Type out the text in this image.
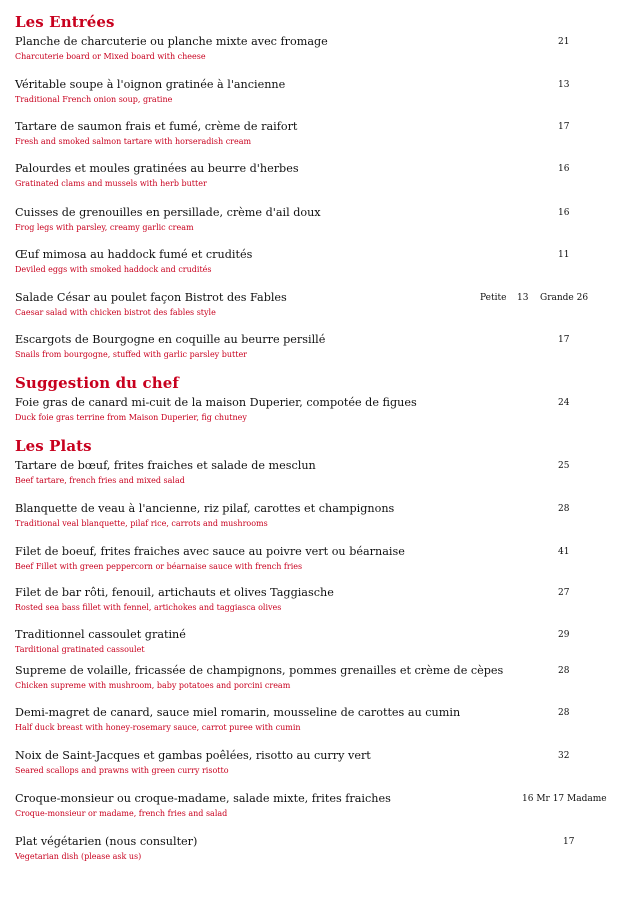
Les Entrées
Planche de charcuterie ou planche mixte avec fromage
Charcuterie board or Mixed board with cheese
21
Véritable soupe à l'oignon gratinée à l'ancienne
Traditional French onion soup, gratine
13
Tartare de saumon frais et fumé, crème de raifort
Fresh and smoked salmon tartare with horseradish cream
17
Palourdes et moules gratinées au beurre d'herbes
Gratinated clams and mussels with herb butter
16
Cuisses de grenouilles en persillade, crème d'ail doux
Frog legs with parsley, creamy garlic cream
16
Œuf mimosa au haddock fumé et crudités
Deviled eggs with smoked haddock and crudités
11
Salade César au poulet façon Bistrot des Fables
Caesar salad with chicken bistrot des fables style
Petite 13 Grande 26
Escargots de Bourgogne en coquille au beurre persillé
Snails from bourgogne, stuffed with garlic parsley butter
17
Suggestion du chef
Foie gras de canard mi-cuit de la maison Duperier, compotée de figues
Duck foie gras terrine from Maison Duperier, fig chutney
24
Les Plats
Tartare de bœuf, frites fraiches et salade de mesclun
Beef tartare, french fries and mixed salad
25
Blanquette de veau à l'ancienne, riz pilaf, carottes et champignons
Traditional veal blanquette, pilaf rice, carrots and mushrooms
28
Filet de boeuf, frites fraiches avec sauce au poivre vert ou béarnaise
Beef Fillet with green peppercorn or béarnaise sauce with french fries
41
Filet de bar rôti, fenouil, artichauts et olives Taggiasche
Rosted sea bass fillet with fennel, artichokes and taggiasca olives
27
Traditionnel cassoulet gratiné
Tarditional gratinated cassoulet
29
Supreme de volaille, fricassée de champignons, pommes grenailles et crème de cèpes
Chicken supreme with mushroom, baby potatoes and porcini cream
28
Demi-magret de canard, sauce miel romarin, mousseline de carottes au cumin
Half duck breast with honey-rosemary sauce, carrot puree with cumin
28
Noix de Saint-Jacques et gambas poêlées, risotto au curry vert
Seared scallops and prawns with green curry risotto
32
Croque-monsieur ou croque-madame, salade mixte, frites fraiches
Croque-monsieur or madame, french fries and salad
16 Mr 17 Madame
Plat végétarien (nous consulter)
Vegetarian dish (please ask us)
17
